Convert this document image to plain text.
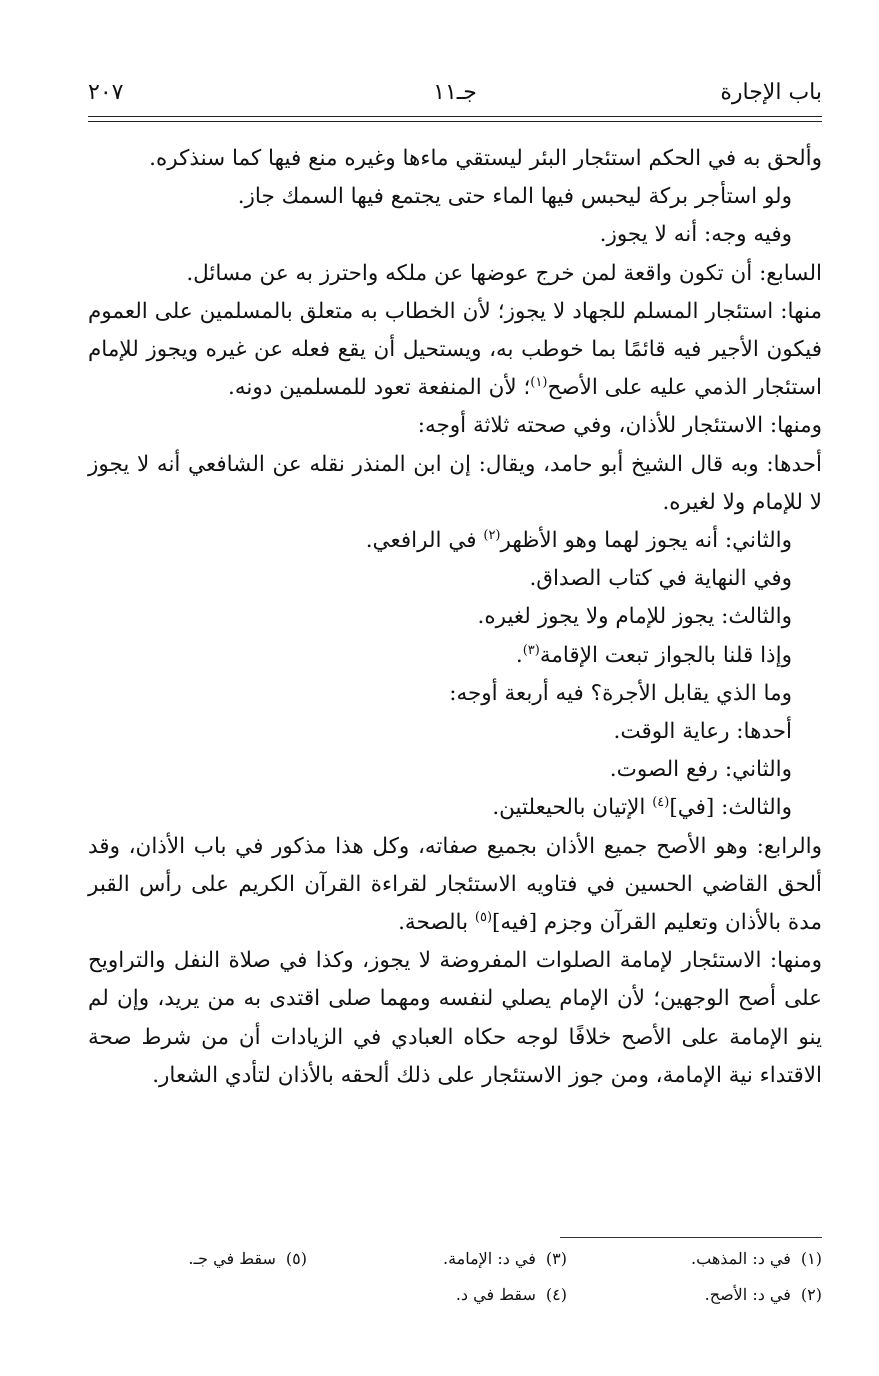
باب الإجارة
جـ١١
٢٠٧

وألحق به في الحكم استئجار البئر ليستقي ماءها وغيره منع فيها كما سنذكره.

ولو استأجر بركة ليحبس فيها الماء حتى يجتمع فيها السمك جاز.

وفيه وجه: أنه لا يجوز.

السابع: أن تكون واقعة لمن خرج عوضها عن ملكه واحترز به عن مسائل.

منها: استئجار المسلم للجهاد لا يجوز؛ لأن الخطاب به متعلق بالمسلمين على العموم فيكون الأجير فيه قائمًا بما خوطب به، ويستحيل أن يقع فعله عن غيره ويجوز للإمام استئجار الذمي عليه على الأصح$^{(١)}$؛ لأن المنفعة تعود للمسلمين دونه.

ومنها: الاستئجار للأذان، وفي صحته ثلاثة أوجه:

أحدها: وبه قال الشيخ أبو حامد، ويقال: إن ابن المنذر نقله عن الشافعي أنه لا يجوز لا للإمام ولا لغيره.

والثاني: أنه يجوز لهما وهو الأظهر$^{(٢)}$ في الرافعي.

وفي النهاية في كتاب الصداق.

والثالث: يجوز للإمام ولا يجوز لغيره.

وإذا قلنا بالجواز تبعت الإقامة$^{(٣)}$.

وما الذي يقابل الأجرة؟ فيه أربعة أوجه:

أحدها: رعاية الوقت.

والثاني: رفع الصوت.

والثالث: [في]$^{(٤)}$ الإتيان بالحيعلتين.

والرابع: وهو الأصح جميع الأذان بجميع صفاته، وكل هذا مذكور في باب الأذان، وقد ألحق القاضي الحسين في فتاويه الاستئجار لقراءة القرآن الكريم على رأس القبر مدة بالأذان وتعليم القرآن وجزم [فيه]$^{(٥)}$ بالصحة.

ومنها: الاستئجار لإمامة الصلوات المفروضة لا يجوز، وكذا في صلاة النفل والتراويح على أصح الوجهين؛ لأن الإمام يصلي لنفسه ومهما صلى اقتدى به من يريد، وإن لم ينو الإمامة على الأصح خلافًا لوجه حكاه العبادي في الزيادات أن من شرط صحة الاقتداء نية الإمامة، ومن جوز الاستئجار على ذلك ألحقه بالأذان لتأدي الشعار.

(١)في د: المذهب.
(٢)في د: الأصح.
(٣)في د: الإمامة.
(٤)سقط في د.
(٥)سقط في جـ.
